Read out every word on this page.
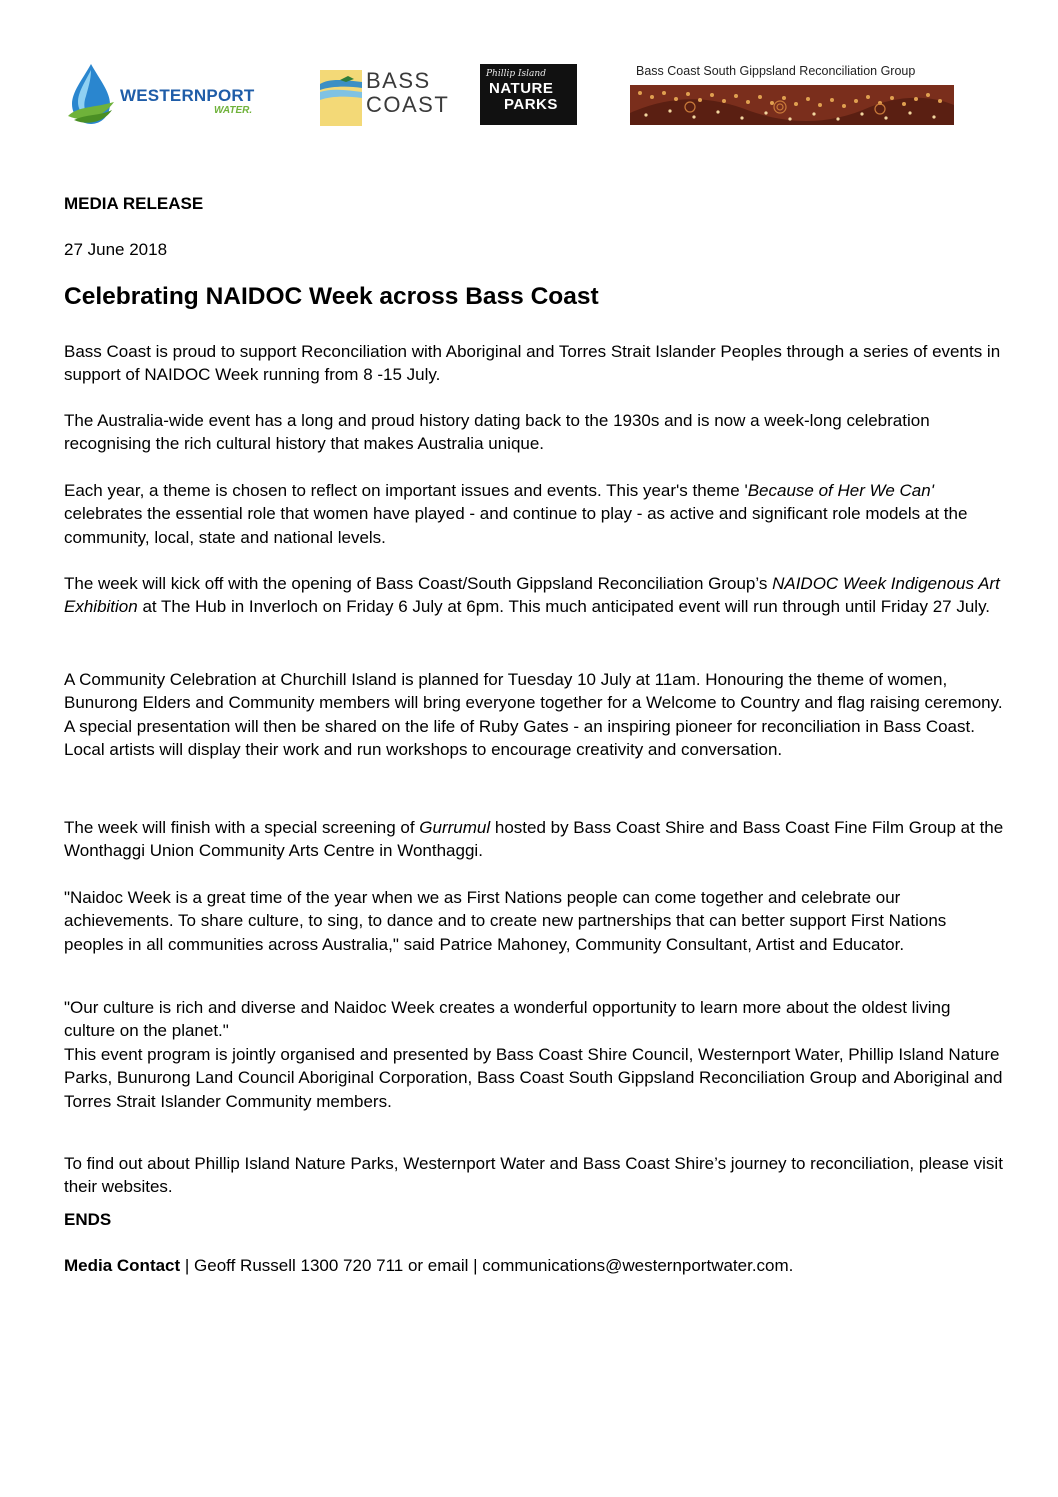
WESTERNPORT
WATER.
BASS
COAST
Phillip Island
NATURE
PARKS
Bass Coast South Gippsland Reconciliation Group
MEDIA RELEASE
27 June 2018
Celebrating NAIDOC Week across Bass Coast

Bass Coast is proud to support Reconciliation with Aboriginal and Torres Strait Islander Peoples through a series of events in support of NAIDOC Week running from 8 -15 July.

The Australia-wide event has a long and proud history dating back to the 1930s and is now a week-long celebration recognising the rich cultural history that makes Australia unique.

Each year, a theme is chosen to reflect on important issues and events. This year's theme 'Because of Her We Can' celebrates the essential role that women have played - and continue to play - as active and significant role models at the community, local, state and national levels.

The week will kick off with the opening of Bass Coast/South Gippsland Reconciliation Group’s NAIDOC Week Indigenous Art Exhibition at The Hub in Inverloch on Friday 6 July at 6pm. This much anticipated event will run through until Friday 27 July.

A Community Celebration at Churchill Island is planned for Tuesday 10 July at 11am. Honouring the theme of women, Bunurong Elders and Community members will bring everyone together for a Welcome to Country and flag raising ceremony. A special presentation will then be shared on the life of Ruby Gates - an inspiring pioneer for reconciliation in Bass Coast. Local artists will display their work and run workshops to encourage creativity and conversation.

The week will finish with a special screening of Gurrumul hosted by Bass Coast Shire and Bass Coast Fine Film Group at the Wonthaggi Union Community Arts Centre in Wonthaggi.

"Naidoc Week is a great time of the year when we as First Nations people can come together and celebrate our achievements. To share culture, to sing, to dance and to create new partnerships that can better support First Nations peoples in all communities across Australia," said Patrice Mahoney, Community Consultant, Artist and Educator.

"Our culture is rich and diverse and Naidoc Week creates a wonderful opportunity to learn more about the oldest living culture on the planet."

This event program is jointly organised and presented by Bass Coast Shire Council, Westernport Water, Phillip Island Nature Parks, Bunurong Land Council Aboriginal Corporation, Bass Coast South Gippsland Reconciliation Group and Aboriginal and Torres Strait Islander Community members.

To find out about Phillip Island Nature Parks, Westernport Water and Bass Coast Shire’s journey to reconciliation, please visit their websites.

ENDS
Media Contact | Geoff Russell 1300 720 711 or email | communications@westernportwater.com.
